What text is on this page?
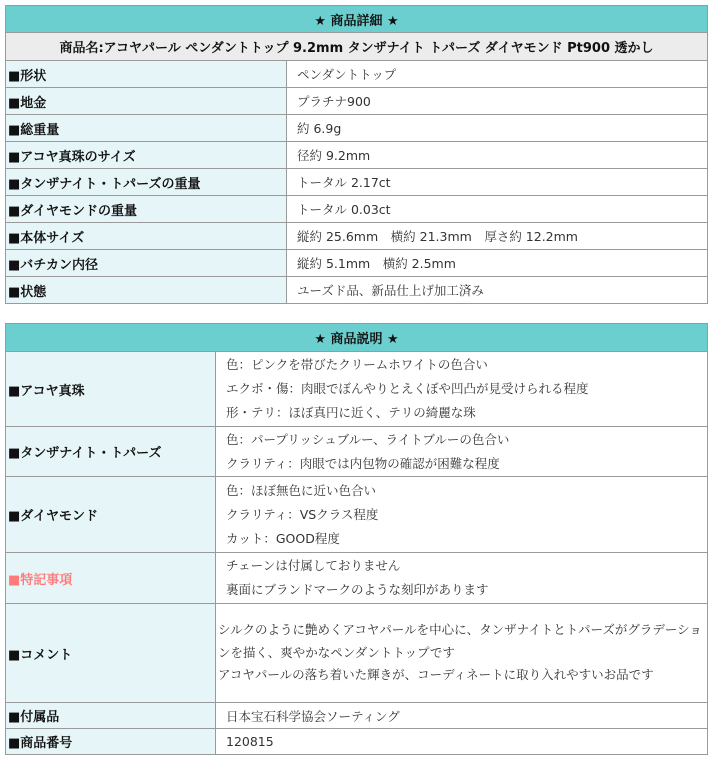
★ 商品詳細 ★	
商品名:アコヤパール ペンダントトップ 9.2mm タンザナイト トパーズ ダイヤモンド Pt900 透かし	
■形状	ペンダントトップ
■地金	プラチナ900
■総重量	約 6.9g
■アコヤ真珠のサイズ	径約 9.2mm
■タンザナイト・トパーズの重量	トータル 2.17ct
■ダイヤモンドの重量	トータル 0.03ct
■本体サイズ	縦約 25.6mm　横約 21.3mm　厚さ約 12.2mm
■バチカン内径	縦約 5.1mm　横約 2.5mm
■状態	ユーズド品、新品仕上げ加工済み
★ 商品説明 ★	
■アコヤ真珠	色：ピンクを帯びたクリームホワイトの色合い
エクボ・傷：肉眼でぼんやりとえくぼや凹凸が見受けられる程度
形・テリ：ほぼ真円に近く、テリの綺麗な珠

■タンザナイト・トパーズ	色：パープリッシュブルー、ライトブルーの色合い
クラリティ：肉眼では内包物の確認が困難な程度

■ダイヤモンド	色：ほぼ無色に近い色合い
クラリティ：VSクラス程度
カット：GOOD程度

■特記事項	チェーンは付属しておりません
裏面にブランドマークのような刻印があります

■コメント	シルクのように艶めくアコヤパールを中心に、タンザナイトとトパーズがグラデーションを描く、爽やかなペンダントトップです
アコヤパールの落ち着いた輝きが、コーディネートに取り入れやすいお品です

■付属品	日本宝石科学協会ソーティング
■商品番号	120815
